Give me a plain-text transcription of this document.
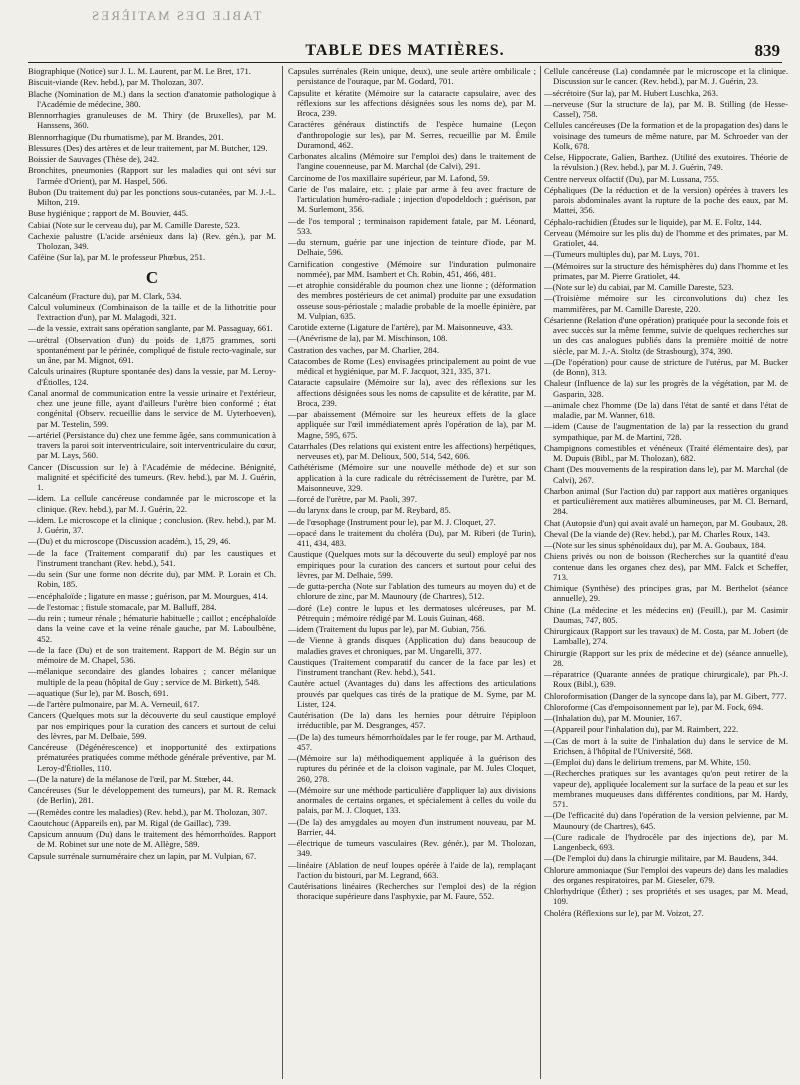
TABLE DES MATIÈRES
TABLE DES MATIÈRES.	839
Biographique (Notice) sur J. L. M. Laurent, par M. Le Bret, 171.
Biscuit-viande (Rev. hebd.), par M. Tholozan, 307.
Blache (Nomination de M.) dans la section d'anatomie pathologique à l'Académie de médecine, 380.
Blennorrhagies granuleuses de M. Thiry (de Bruxelles), par M. Hanssens, 360.
Blennorrhagique (Du rhumatisme), par M. Brandes, 201.
Blessures (Des) des artères et de leur traitement, par M. Butcher, 129.
Boissier de Sauvages (Thèse de), 242.
Bronchites, pneumonies (Rapport sur les maladies qui ont sévi sur l'armée d'Orient), par M. Haspel, 506.
Bubon (Du traitement du) par les ponctions sous-cutanées, par M. J.-L. Milton, 219.
Buse hygiénique ; rapport de M. Bouvier, 445.
Cabiai (Note sur le cerveau du), par M. Camille Dareste, 523.
Cachexie palustre (L'acide arsénieux dans la) (Rev. gén.), par M. Tholozan, 349.
Caféine (Sur la), par M. le professeur Phœbus, 251.
C
Calcanéum (Fracture du), par M. Clark, 534.
Calcul volumineux (Combinaison de la taille et de la lithotritie pour l'extraction d'un), par M. Malagodi, 321.
—de la vessie, extrait sans opération sanglante, par M. Passaguay, 661.
—urétral (Observation d'un) du poids de 1,875 grammes, sorti spontanément par le périnée, compliqué de fistule recto-vaginale, sur un âne, par M. Mignot, 691.
Calculs urinaires (Rupture spontanée des) dans la vessie, par M. Leroy-d'Étiolles, 124.
Canal anormal de communication entre la vessie urinaire et l'extérieur, chez une jeune fille, ayant d'ailleurs l'urètre bien conformé ; état congénital (Observ. recueillie dans le service de M. Uyterhoeven), par M. Testelin, 599.
—artériel (Persistance du) chez une femme âgée, sans communication à travers la paroi soit interventriculaire, soit interventriculaire du cœur, par M. Lays, 560.
Cancer (Discussion sur le) à l'Académie de médecine. Bénignité, malignité et spécificité des tumeurs. (Rev. hebd.), par M. J. Guérin, 1.
—idem. La cellule cancéreuse condamnée par le microscope et la clinique. (Rev. hebd.), par M. J. Guérin, 22.
—idem. Le microscope et la clinique ; conclusion. (Rev. hebd.), par M. J. Guérin, 37.
—(Du) et du microscope (Discussion académ.), 15, 29, 46.
—de la face (Traitement comparatif du) par les caustiques et l'instrument tranchant (Rev. hebd.), 541.
—du sein (Sur une forme non décrite du), par MM. P. Lorain et Ch. Robin, 185.
—encéphaloïde ; ligature en masse ; guérison, par M. Mourgues, 414.
—de l'estomac ; fistule stomacale, par M. Balluff, 284.
—du rein ; tumeur rénale ; hématurie habituelle ; caillot ; encéphaloïde dans la veine cave et la veine rénale gauche, par M. Laboulbène, 452.
—de la face (Du) et de son traitement. Rapport de M. Bégin sur un mémoire de M. Chapel, 536.
—mélanique secondaire des glandes lobaires ; cancer mélanique multiple de la peau (hôpital de Guy ; service de M. Birkett), 548.
—aquatique (Sur le), par M. Bosch, 691.
—de l'artère pulmonaire, par M. A. Verneuil, 617.
Cancers (Quelques mots sur la découverte du seul caustique employé par nos empiriques pour la curation des cancers et surtout de celui des lèvres, par M. Delbaie, 599.
Cancéreuse (Dégénérescence) et inopportunité des extirpations prématurées pratiquées comme méthode générale préventive, par M. Leroy-d'Étiolles, 110.
—(De la nature) de la mélanose de l'œil, par M. Stœber, 44.
Cancéreuses (Sur le développement des tumeurs), par M. R. Remack (de Berlin), 281.
—(Remèdes contre les maladies) (Rev. hebd.), par M. Tholozan, 307.
Caoutchouc (Appareils en), par M. Rigal (de Gaillac), 739.
Capsicum annuum (Du) dans le traitement des hémorrhoïdes. Rapport de M. Robinet sur une note de M. Allègre, 589.
Capsule surrénale surnuméraire chez un lapin, par M. Vulpian, 67.
Capsules surrénales (Rein unique, deux), une seule artère ombilicale ; persistance de l'ouraque, par M. Godard, 701.
Capsulite et kératite (Mémoire sur la cataracte capsulaire, avec des réflexions sur les affections désignées sous les noms de), par M. Broca, 239.
Caractères généraux distinctifs de l'espèce humaine (Leçon d'anthropologie sur les), par M. Serres, recueillie par M. Émile Duramond, 462.
Carbonates alcalins (Mémoire sur l'emploi des) dans le traitement de l'angine couenneuse, par M. Marchal (de Calvi), 291.
Carcinome de l'os maxillaire supérieur, par M. Lafond, 59.
Carie de l'os malaire, etc. ; plaie par arme à feu avec fracture de l'articulation huméro-radiale ; injection d'opodeldoch ; guérison, par M. Surlemont, 356.
—de l'os temporal ; terminaison rapidement fatale, par M. Léonard, 533.
—du sternum, guérie par une injection de teinture d'iode, par M. Delhaie, 596.
Carnification congestive (Mémoire sur l'induration pulmonaire nommée), par MM. Isambert et Ch. Robin, 451, 466, 481.
—et atrophie considérable du poumon chez une lionne ; (déformation des membres postérieurs de cet animal) produite par une exsudation osseuse sous-périostale ; maladie probable de la moelle épinière, par M. Vulpian, 635.
Carotide externe (Ligature de l'artère), par M. Maisonneuve, 433.
—(Anévrisme de la), par M. Mischinson, 108.
Castration des vaches, par M. Charlier, 284.
Catacombes de Rome (Les) envisagées principalement au point de vue médical et hygiénique, par M. F. Jacquot, 321, 335, 371.
Cataracte capsulaire (Mémoire sur la), avec des réflexions sur les affections désignées sous les noms de capsulite et de kératite, par M. Broca, 239.
—par abaissement (Mémoire sur les heureux effets de la glace appliquée sur l'œil immédiatement après l'opération de la), par M. Magne, 595, 675.
Catarrhales (Des relations qui existent entre les affections) herpétiques, nerveuses et), par M. Delioux, 500, 514, 542, 606.
Cathétérisme (Mémoire sur une nouvelle méthode de) et sur son application à la cure radicale du rétrécissement de l'urètre, par M. Maisonneuve, 329.
—forcé de l'urètre, par M. Paoli, 397.
—du larynx dans le croup, par M. Reybard, 85.
—de l'œsophage (Instrument pour le), par M. J. Cloquet, 27.
—opacé dans le traitement du choléra (Du), par M. Riberi (de Turin), 411, 434, 483.
Caustique (Quelques mots sur la découverte du seul) employé par nos empiriques pour la curation des cancers et surtout pour celui des lèvres, par M. Delhaie, 599.
—de gutta-percha (Note sur l'ablation des tumeurs au moyen du) et de chlorure de zinc, par M. Maunoury (de Chartres), 512.
—doré (Le) contre le lupus et les dermatoses ulcéreuses, par M. Pétrequin ; mémoire rédigé par M. Louis Guinan, 468.
—idem (Traitement du lupus par le), par M. Gubian, 756.
—de Vienne à grands disques (Application du) dans beaucoup de maladies graves et chroniques, par M. Ungarelli, 377.
Caustiques (Traitement comparatif du cancer de la face par les) et l'instrument tranchant (Rev. hebd.), 541.
Cautère actuel (Avantages du) dans les affections des articulations prouvés par quelques cas tirés de la pratique de M. Syme, par M. Lister, 124.
Cautérisation (De la) dans les hernies pour détruire l'épiploon irréductible, par M. Desgranges, 457.
—(De la) des tumeurs hémorrhoïdales par le fer rouge, par M. Arthaud, 457.
—(Mémoire sur la) méthodiquement appliquée à la guérison des ruptures du périnée et de la cloison vaginale, par M. Jules Cloquet, 260, 278.
—(Mémoire sur une méthode particulière d'appliquer la) aux divisions anormales de certains organes, et spécialement à celles du voile du palais, par M. J. Cloquet, 133.
—(De la) des amygdales au moyen d'un instrument nouveau, par M. Barrier, 44.
—électrique de tumeurs vasculaires (Rev. génér.), par M. Tholozan, 349.
—linéaire (Ablation de neuf loupes opérée à l'aide de la), remplaçant l'action du bistouri, par M. Legrand, 663.
Cautérisations linéaires (Recherches sur l'emploi des) de la région thoracique supérieure dans l'asphyxie, par M. Faure, 552.
Cellule cancéreuse (La) condamnée par le microscope et la clinique. Discussion sur le cancer. (Rev. hebd.), par M. J. Guérin, 23.
—sécrétoire (Sur la), par M. Hubert Luschka, 263.
—nerveuse (Sur la structure de la), par M. B. Stilling (de Hesse-Cassel), 758.
Cellules cancéreuses (De la formation et de la propagation des) dans le voisinage des tumeurs de même nature, par M. Schroeder van der Kolk, 678.
Celse, Hippocrate, Galien, Barthez. (Utilité des exutoires. Théorie de la révulsion.) (Rev. hebd.), par M. J. Guérin, 749.
Centre nerveux olfactif (Du), par M. Lussana, 755.
Céphaliques (De la réduction et de la version) opérées à travers les parois abdominales avant la rupture de la poche des eaux, par M. Mattei, 356.
Céphalo-rachidien (Études sur le liquide), par M. E. Foltz, 144.
Cerveau (Mémoire sur les plis du) de l'homme et des primates, par M. Gratiolet, 44.
—(Tumeurs multiples du), par M. Luys, 701.
—(Mémoires sur la structure des hémisphères du) dans l'homme et les primates, par M. Pierre Gratiolet, 44.
—(Note sur le) du cabiai, par M. Camille Dareste, 523.
—(Troisième mémoire sur les circonvolutions du) chez les mammifères, par M. Camille Dareste, 220.
Césarienne (Relation d'une opération) pratiquée pour la seconde fois et avec succès sur la même femme, suivie de quelques recherches sur un des cas analogues publiés dans la première moitié de notre siècle, par M. J.-A. Stoltz (de Strasbourg), 374, 390.
—(De l'opération) pour cause de stricture de l'utérus, par M. Bucker (de Bonn), 313.
Chaleur (Influence de la) sur les progrès de la végétation, par M. de Gasparin, 328.
—animale chez l'homme (De la) dans l'état de santé et dans l'état de maladie, par M. Wanner, 618.
—idem (Cause de l'augmentation de la) par la ressection du grand sympathique, par M. de Martini, 728.
Champignons comestibles et vénéneux (Traité élémentaire des), par M. Dupuis (Bibl., par M. Tholozan), 682.
Chant (Des mouvements de la respiration dans le), par M. Marchal (de Calvi), 267.
Charbon animal (Sur l'action du) par rapport aux matières organiques et particulièrement aux matières albumineuses, par M. Cl. Bernard, 284.
Chat (Autopsie d'un) qui avait avalé un hameçon, par M. Goubaux, 28.
Cheval (De la viande de) (Rev. hebd.), par M. Charles Roux, 143.
—(Note sur les sinus sphénoïdaux du), par M. A. Goubaux, 184.
Chiens privés ou non de boisson (Recherches sur la quantité d'eau contenue dans les organes chez des), par MM. Falck et Scheffer, 713.
Chimique (Synthèse) des principes gras, par M. Berthelot (séance annuelle), 29.
Chine (La médecine et les médecins en) (Feuill.), par M. Casimir Daumas, 747, 805.
Chirurgicaux (Rapport sur les travaux) de M. Costa, par M. Jobert (de Lamballe), 274.
Chirurgie (Rapport sur les prix de médecine et de) (séance annuelle), 28.
—réparatrice (Quarante années de pratique chirurgicale), par Ph.-J. Roux (Bibl.), 639.
Chloroformisation (Danger de la syncope dans la), par M. Gibert, 777.
Chloroforme (Cas d'empoisonnement par le), par M. Fock, 694.
—(Inhalation du), par M. Mounier, 167.
—(Appareil pour l'inhalation du), par M. Raimbert, 222.
—(Cas de mort à la suite de l'inhalation du) dans le service de M. Erichsen, à l'hôpital de l'Université, 568.
—(Emploi du) dans le delirium tremens, par M. White, 150.
—(Recherches pratiques sur les avantages qu'on peut retirer de la vapeur de), appliquée localement sur la surface de la peau et sur les membranes muqueuses dans différentes conditions, par M. Hardy, 571.
—(De l'efficacité du) dans l'opération de la version pelvienne, par M. Maunoury (de Chartres), 645.
—(Cure radicale de l'hydrocèle par des injections de), par M. Langenbeck, 693.
—(De l'emploi du) dans la chirurgie militaire, par M. Baudens, 344.
Chlorure ammoniaque (Sur l'emploi des vapeurs de) dans les maladies des organes respiratoires, par M. Gieseler, 679.
Chlorhydrique (Éther) ; ses propriétés et ses usages, par M. Mead, 109.
Choléra (Réflexions sur le), par M. Voizot, 27.
